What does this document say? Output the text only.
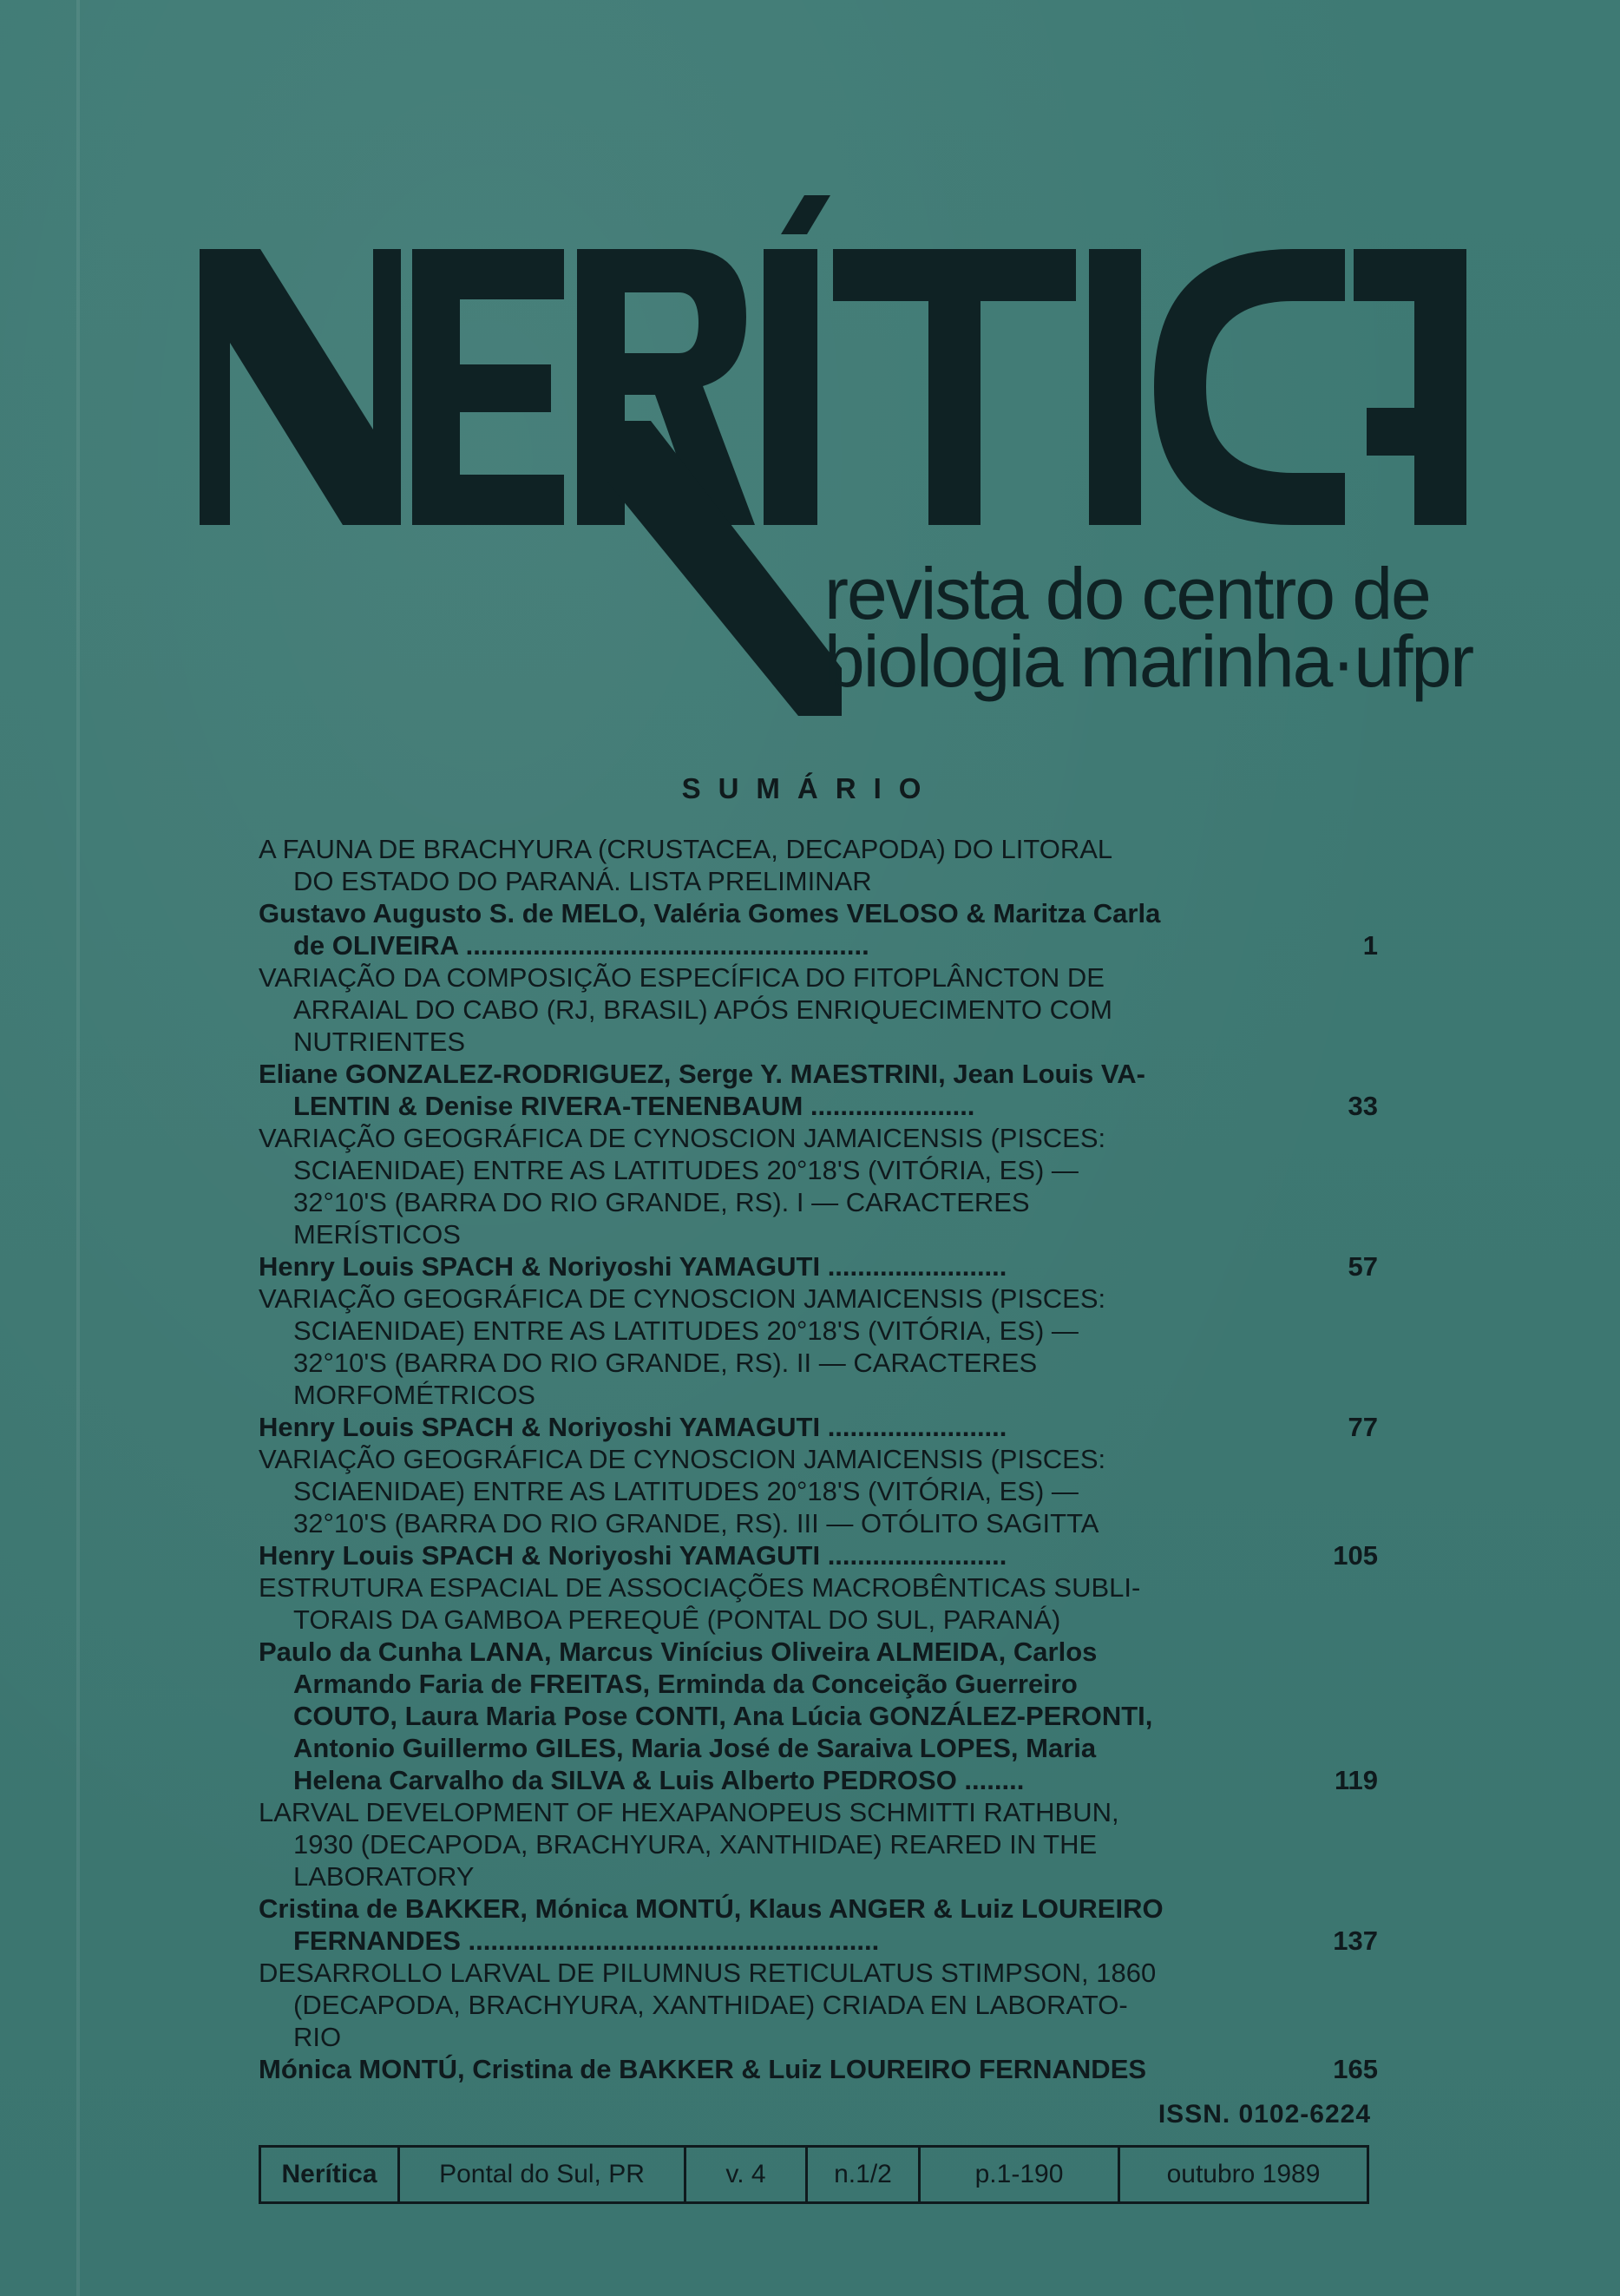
revista do centro de
biologia marinha·ufpr
SUMÁRIO
A FAUNA DE BRACHYURA (CRUSTACEA, DECAPODA) DO LITORAL
DO ESTADO DO PARANÁ. LISTA PRELIMINAR
Gustavo Augusto S. de MELO, Valéria Gomes VELOSO & Maritza Carla
de OLIVEIRA ......................................................	1
VARIAÇÃO DA COMPOSIÇÃO ESPECÍFICA DO FITOPLÂNCTON DE
ARRAIAL DO CABO (RJ, BRASIL) APÓS ENRIQUECIMENTO COM
NUTRIENTES
Eliane GONZALEZ-RODRIGUEZ, Serge Y. MAESTRINI, Jean Louis VA-
LENTIN & Denise RIVERA-TENENBAUM ......................	33
VARIAÇÃO GEOGRÁFICA DE CYNOSCION JAMAICENSIS (PISCES:
SCIAENIDAE) ENTRE AS LATITUDES 20°18'S (VITÓRIA, ES) —
32°10'S (BARRA DO RIO GRANDE, RS). I — CARACTERES
MERÍSTICOS
Henry Louis SPACH & Noriyoshi YAMAGUTI ........................	57
VARIAÇÃO GEOGRÁFICA DE CYNOSCION JAMAICENSIS (PISCES:
SCIAENIDAE) ENTRE AS LATITUDES 20°18'S (VITÓRIA, ES) —
32°10'S (BARRA DO RIO GRANDE, RS). II — CARACTERES
MORFOMÉTRICOS
Henry Louis SPACH & Noriyoshi YAMAGUTI ........................	77
VARIAÇÃO GEOGRÁFICA DE CYNOSCION JAMAICENSIS (PISCES:
SCIAENIDAE) ENTRE AS LATITUDES 20°18'S (VITÓRIA, ES) —
32°10'S (BARRA DO RIO GRANDE, RS). III — OTÓLITO SAGITTA
Henry Louis SPACH & Noriyoshi YAMAGUTI ........................	105
ESTRUTURA ESPACIAL DE ASSOCIAÇÕES MACROBÊNTICAS SUBLI-
TORAIS DA GAMBOA PEREQUÊ (PONTAL DO SUL, PARANÁ)
Paulo da Cunha LANA, Marcus Vinícius Oliveira ALMEIDA, Carlos
Armando Faria de FREITAS, Erminda da Conceição Guerreiro
COUTO, Laura Maria Pose CONTI, Ana Lúcia GONZÁLEZ-PERONTI,
Antonio Guillermo GILES, Maria José de Saraiva LOPES, Maria
Helena Carvalho da SILVA & Luis Alberto PEDROSO ........	119
LARVAL DEVELOPMENT OF HEXAPANOPEUS SCHMITTI RATHBUN,
1930 (DECAPODA, BRACHYURA, XANTHIDAE) REARED IN THE
LABORATORY
Cristina de BAKKER, Mónica MONTÚ, Klaus ANGER & Luiz LOUREIRO
FERNANDES .......................................................	137
DESARROLLO LARVAL DE PILUMNUS RETICULATUS STIMPSON, 1860
(DECAPODA, BRACHYURA, XANTHIDAE) CRIADA EN LABORATO-
RIO
Mónica MONTÚ, Cristina de BAKKER & Luiz LOUREIRO FERNANDES	165
ISSN. 0102-6224
Nerítica	Pontal do Sul, PR	v. 4	n.1/2	p.1-190	outubro 1989
